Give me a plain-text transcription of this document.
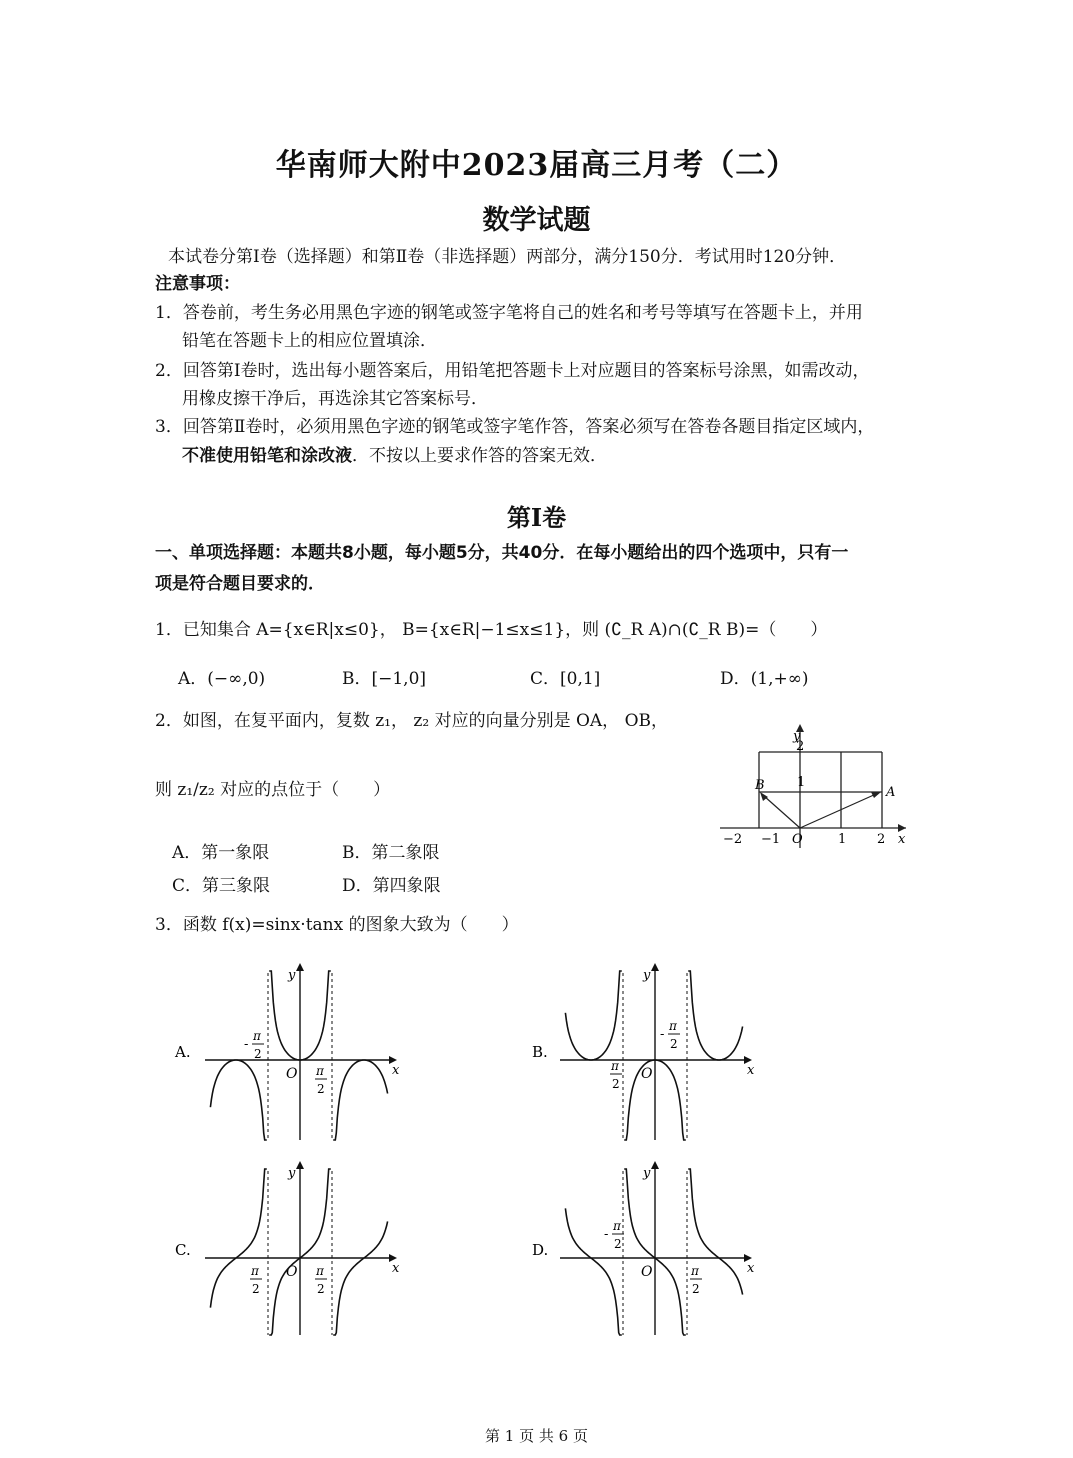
华南师大附中2023届高三月考（二）
数学试题
本试卷分第Ⅰ卷（选择题）和第Ⅱ卷（非选择题）两部分，满分150分．考试用时120分钟．
注意事项：
1．答卷前，考生务必用黑色字迹的钢笔或签字笔将自己的姓名和考号等填写在答题卡上，并用
铅笔在答题卡上的相应位置填涂．
2．回答第Ⅰ卷时，选出每小题答案后，用铅笔把答题卡上对应题目的答案标号涂黑，如需改动，
用橡皮擦干净后，再选涂其它答案标号．
3．回答第Ⅱ卷时，必须用黑色字迹的钢笔或签字笔作答，答案必须写在答卷各题目指定区域内，
不准使用铅笔和涂改液．不按以上要求作答的答案无效．
第Ⅰ卷
一、单项选择题：本题共8小题，每小题5分，共40分．在每小题给出的四个选项中，只有一
项是符合题目要求的．
1．已知集合 A={x∈R|x≤0}， B={x∈R|−1≤x≤1}，则 (∁_R A)∩(∁_R B)=（　　）
A．(−∞,0)	B．[−1,0]	C．[0,1]	D．(1,+∞)
2．如图，在复平面内，复数 z₁， z₂ 对应的向量分别是 OA， OB，
则 z₁/z₂ 对应的点位于（　　）
A．第一象限	B．第二象限
C．第三象限	D．第四象限
y
2
1
−2 −1 O	1 2 x
A
B
3．函数 f(x)=sinx·tanx 的图象大致为（　　）
A.
y
x
O
-
π
2
π
2
B.
y
x
O
-
π
2
π
2
C.
y
x
O
π
2
π
2
D.
y
x
O
-
π
2
π
2
第 1 页 共 6 页
